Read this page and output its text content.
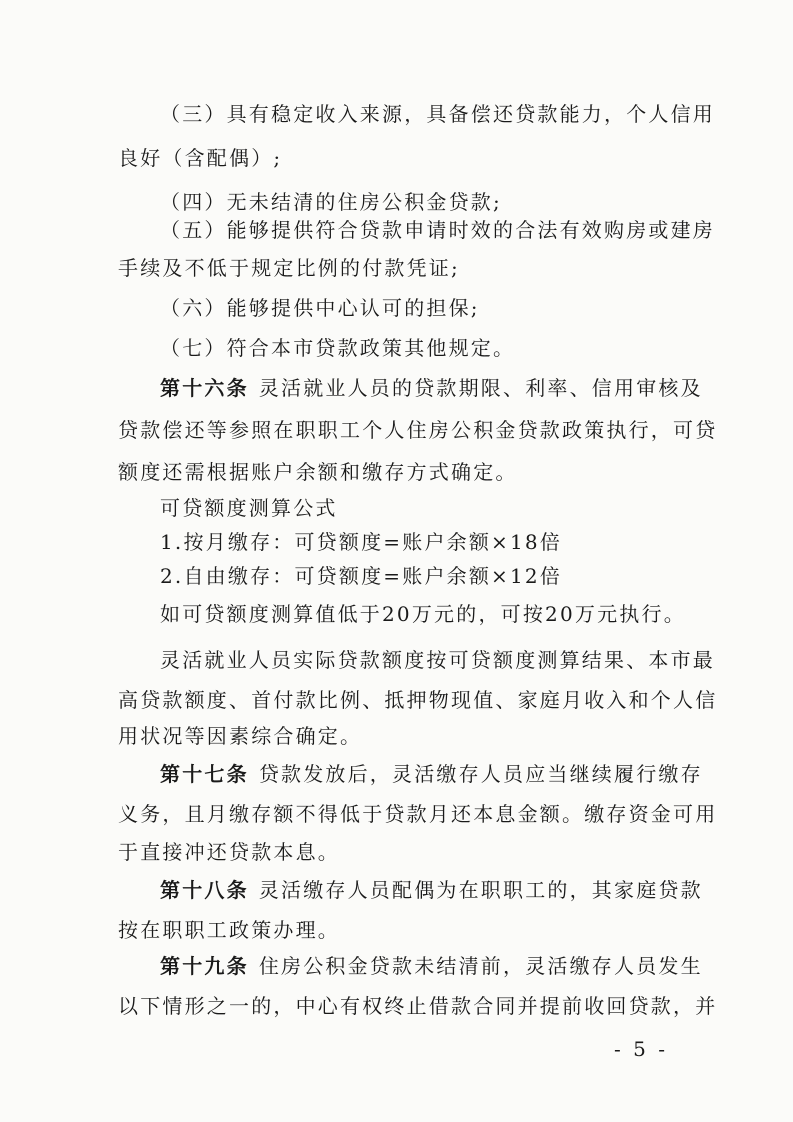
（三）具有稳定收入来源，具备偿还贷款能力，个人信用
良好（含配偶）;
（四）无未结清的住房公积金贷款;
（五）能够提供符合贷款申请时效的合法有效购房或建房
手续及不低于规定比例的付款凭证;
（六）能够提供中心认可的担保;
（七）符合本市贷款政策其他规定。
第十六条 灵活就业人员的贷款期限、利率、信用审核及
贷款偿还等参照在职职工个人住房公积金贷款政策执行，可贷
额度还需根据账户余额和缴存方式确定。
可贷额度测算公式
1.按月缴存：可贷额度=账户余额×18倍
2.自由缴存：可贷额度=账户余额×12倍
如可贷额度测算值低于20万元的，可按20万元执行。
灵活就业人员实际贷款额度按可贷额度测算结果、本市最
高贷款额度、首付款比例、抵押物现值、家庭月收入和个人信
用状况等因素综合确定。
第十七条 贷款发放后，灵活缴存人员应当继续履行缴存
义务，且月缴存额不得低于贷款月还本息金额。缴存资金可用
于直接冲还贷款本息。
第十八条 灵活缴存人员配偶为在职职工的，其家庭贷款
按在职职工政策办理。
第十九条 住房公积金贷款未结清前，灵活缴存人员发生
以下情形之一的，中心有权终止借款合同并提前收回贷款，并
- 5 -
